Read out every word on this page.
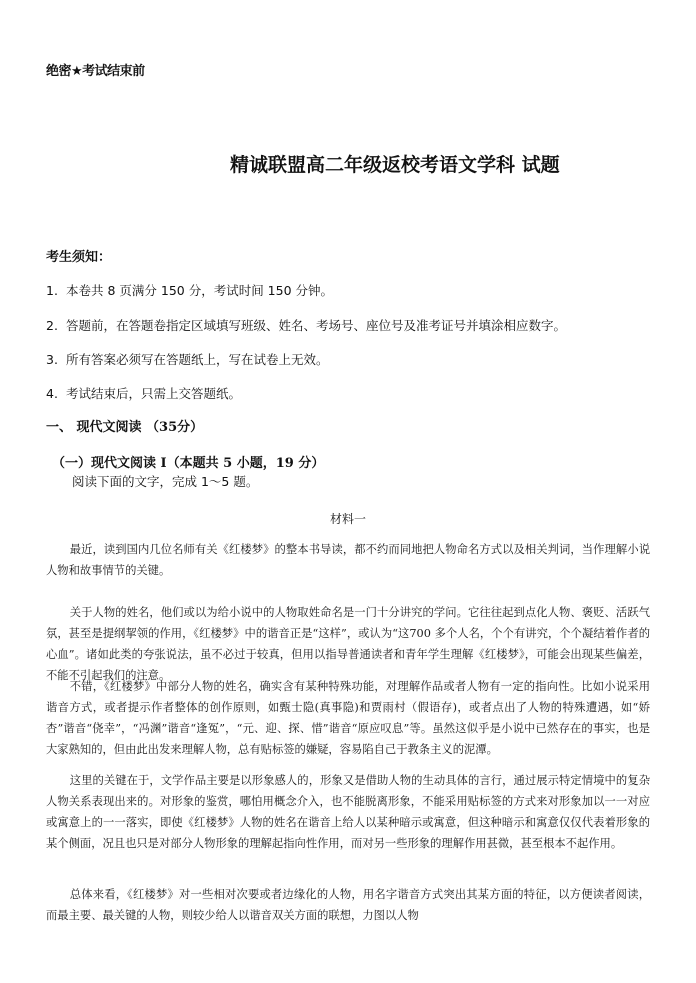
绝密★考试结束前
精诚联盟高二年级返校考语文学科 试题
考生须知：
1. 本卷共 8 页满分 150 分，考试时间 150 分钟。
2. 答题前，在答题卷指定区域填写班级、姓名、考场号、座位号及准考证号并填涂相应数字。
3. 所有答案必须写在答题纸上，写在试卷上无效。
4. 考试结束后，只需上交答题纸。
一、 现代文阅读 （35分）
（一）现代文阅读 I（本题共 5 小题，19 分）
阅读下面的文字，完成 1～5 题。
材料一

最近，读到国内几位名师有关《红楼梦》的整本书导读，都不约而同地把人物命名方式以及相关判词，当作理解小说人物和故事情节的关键。

关于人物的姓名，他们或以为给小说中的人物取姓命名是一门十分讲究的学问。它往往起到点化人物、褒贬、活跃气氛，甚至是提纲挈领的作用，《红楼梦》中的谐音正是“这样”，或认为“这700 多个人名，个个有讲究，个个凝结着作者的心血”。诸如此类的夸张说法，虽不必过于较真，但用以指导普通读者和青年学生理解《红楼梦》，可能会出现某些偏差，不能不引起我们的注意。

不错，《红楼梦》中部分人物的姓名，确实含有某种特殊功能，对理解作品或者人物有一定的指向性。比如小说采用谐音方式，或者提示作者整体的创作原则，如甄士隐(真事隐)和贾雨村（假语存)，或者点出了人物的特殊遭遇，如“娇杏”谐音“侥幸”，“冯渊”谐音“逢冤”，“元、迎、探、惜”谐音“原应叹息”等。虽然这似乎是小说中已然存在的事实，也是大家熟知的，但由此出发来理解人物，总有贴标签的嫌疑，容易陷自己于教条主义的泥潭。

这里的关键在于，文学作品主要是以形象感人的，形象又是借助人物的生动具体的言行，通过展示特定情境中的复杂人物关系表现出来的。对形象的鉴赏，哪怕用概念介入，也不能脱离形象，不能采用贴标签的方式来对形象加以一一对应或寓意上的一一落实，即使《红楼梦》人物的姓名在谐音上给人以某种暗示或寓意，但这种暗示和寓意仅仅代表着形象的某个侧面，况且也只是对部分人物形象的理解起指向性作用，而对另一些形象的理解作用甚微，甚至根本不起作用。

总体来看，《红楼梦》对一些相对次要或者边缘化的人物，用名字谐音方式突出其某方面的特征，以方便读者阅读，而最主要、最关键的人物，则较少给人以谐音双关方面的联想，力图以人物
